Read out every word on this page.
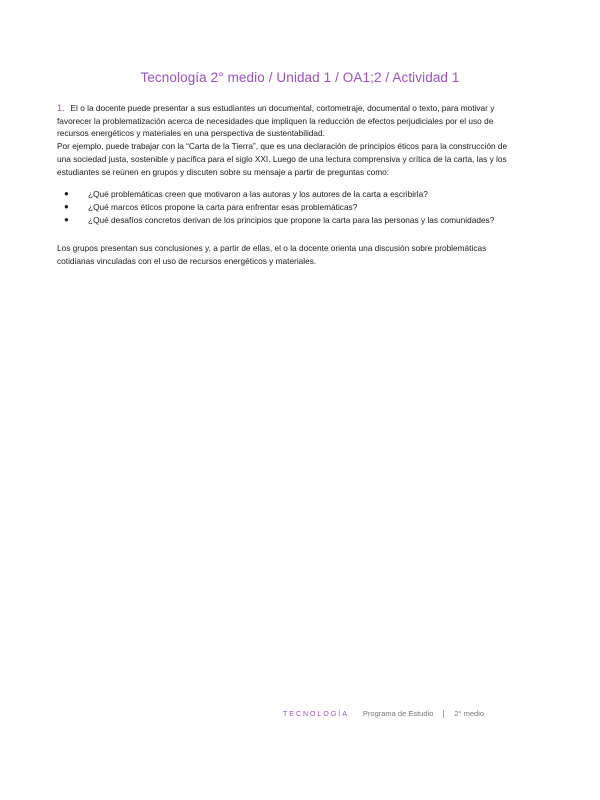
Tecnología 2° medio / Unidad 1 / OA1;2 / Actividad 1

1. El o la docente puede presentar a sus estudiantes un documental, cortometraje, documental o texto, para motivar y favorecer la problematización acerca de necesidades que impliquen la reducción de efectos perjudiciales por el uso de recursos energéticos y materiales en una perspectiva de sustentabilidad.

Por ejemplo, puede trabajar con la “Carta de la Tierra”, que es una declaración de principios éticos para la construcción de una sociedad justa, sostenible y pacífica para el siglo XXI. Luego de una lectura comprensiva y crítica de la carta, las y los estudiantes se reúnen en grupos y discuten sobre su mensaje a partir de preguntas como:

● ¿Qué problemáticas creen que motivaron a las autoras y los autores de la carta a escribirla?
● ¿Qué marcos éticos propone la carta para enfrentar esas problemáticas?
● ¿Qué desafíos concretos derivan de los principios que propone la carta para las personas y las comunidades?

Los grupos presentan sus conclusiones y, a partir de ellas, el o la docente orienta una discusión sobre problemáticas cotidianas vinculadas con el uso de recursos energéticos y materiales.

TECNOLOGÍA Programa de Estudio	2° medio
